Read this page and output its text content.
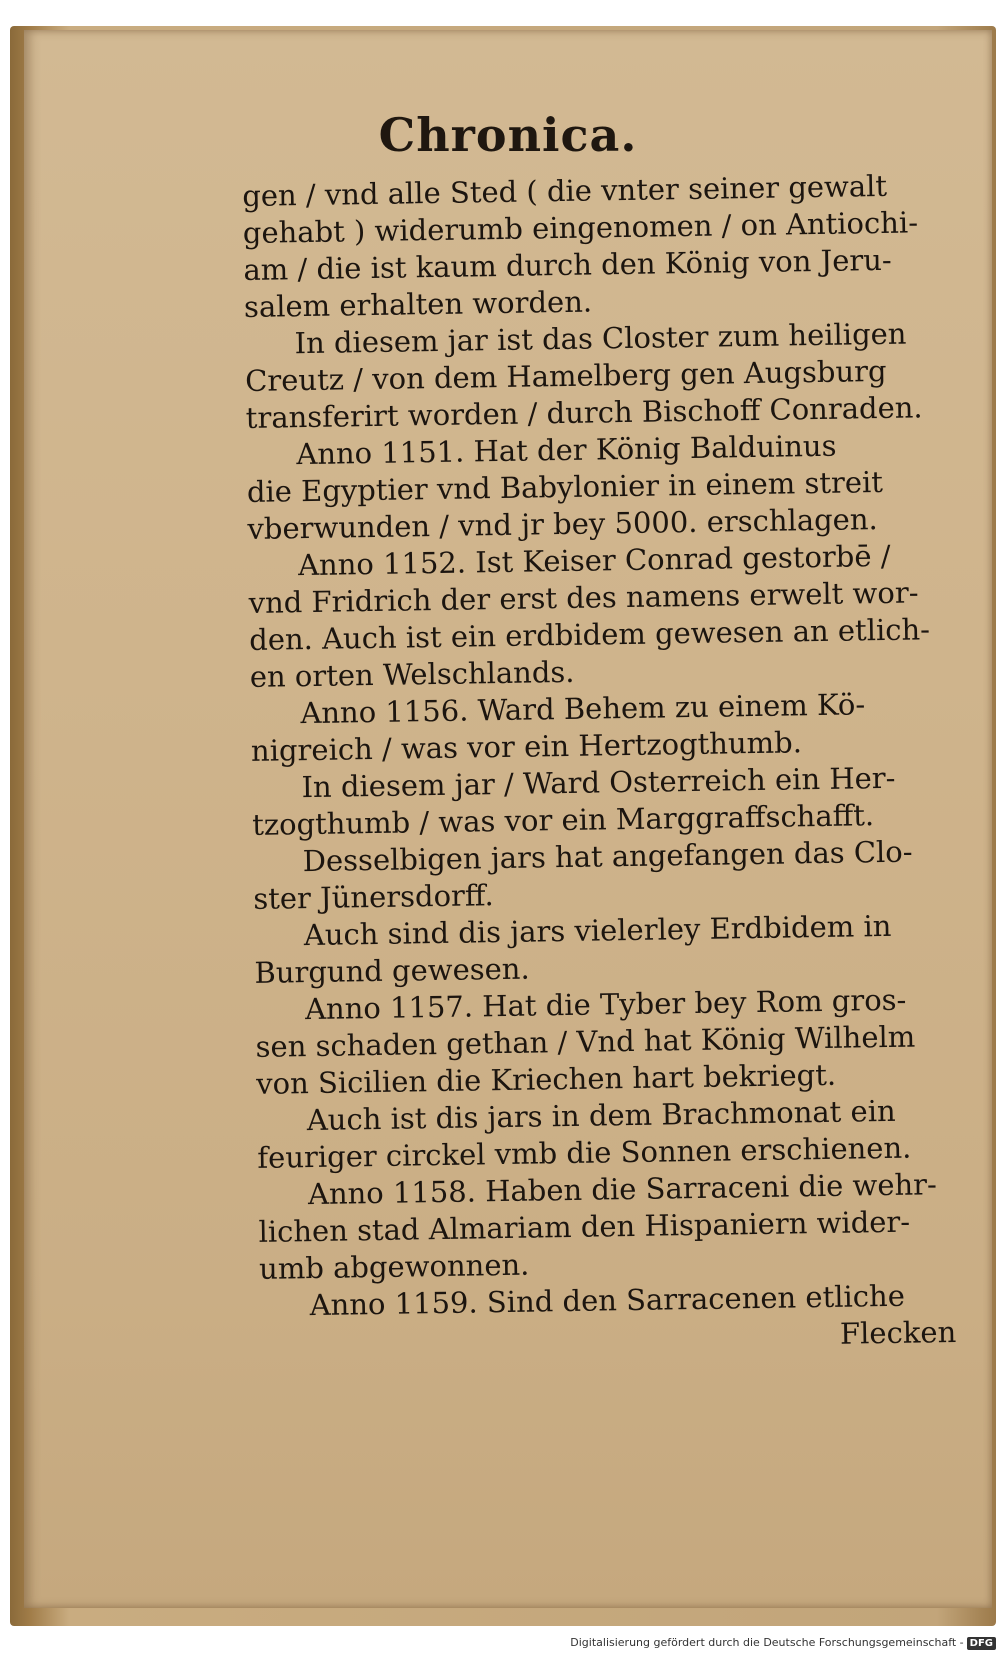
Chronica.
gen / vnd alle Sted ( die vnter seiner gewalt
gehabt ) widerumb eingenomen / on Antiochi-
am / die ist kaum durch den König von Jeru-
salem erhalten worden.
In diesem jar ist das Closter zum heiligen
Creutz / von dem Hamelberg gen Augsburg
transferirt worden / durch Bischoff Conraden.
Anno 1151. Hat der König Balduinus
die Egyptier vnd Babylonier in einem streit
vberwunden / vnd jr bey 5000. erschlagen.
Anno 1152. Ist Keiser Conrad gestorbē /
vnd Fridrich der erst des namens erwelt wor-
den. Auch ist ein erdbidem gewesen an etlich-
en orten Welschlands.
Anno 1156. Ward Behem zu einem Kö-
nigreich / was vor ein Hertzogthumb.
In diesem jar / Ward Osterreich ein Her-
tzogthumb / was vor ein Marggraffschafft.
Desselbigen jars hat angefangen das Clo-
ster Jünersdorff.
Auch sind dis jars vielerley Erdbidem in
Burgund gewesen.
Anno 1157. Hat die Tyber bey Rom gros-
sen schaden gethan / Vnd hat König Wilhelm
von Sicilien die Kriechen hart bekriegt.
Auch ist dis jars in dem Brachmonat ein
feuriger circkel vmb die Sonnen erschienen.
Anno 1158. Haben die Sarraceni die wehr-
lichen stad Almariam den Hispaniern wider-
umb abgewonnen.
Anno 1159. Sind den Sarracenen etliche
Flecken
Digitalisierung gefördert durch die Deutsche Forschungsgemeinschaft - DFG
